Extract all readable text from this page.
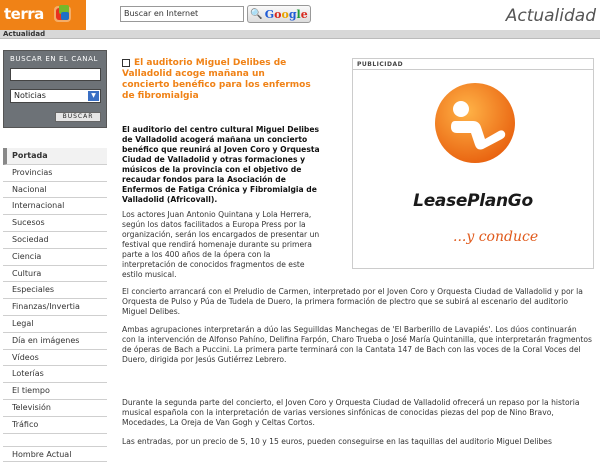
terra	Buscar en Internet	🔍 Google	Actualidad
Actualidad
BUSCAR EN EL CANAL
Noticias	▼
BUSCAR
Portada
Provincias
Nacional
Internacional
Sucesos
Sociedad
Ciencia
Cultura
Especiales
Finanzas/Invertia
Legal
Día en imágenes
Vídeos
Loterías
El tiempo
Televisión
Tráfico
Hombre Actual
El auditorio Miguel Delibes de Valladolid acoge mañana un concierto benéfico para los enfermos de fibromialgia
El auditorio del centro cultural Miguel Delibes de Valladolid acogerá mañana un concierto benéfico que reunirá al Joven Coro y Orquesta Ciudad de Valladolid y otras formaciones y músicos de la provincia con el objetivo de recaudar fondos para la Asociación de Enfermos de Fatiga Crónica y Fibromialgia de Valladolid (Africovall).
Los actores Juan Antonio Quintana y Lola Herrera, según los datos facilitados a Europa Press por la organización, serán los encargados de presentar un festival que rendirá homenaje durante su primera parte a los 400 años de la ópera con la interpretación de conocidos fragmentos de este estilo musical.
El concierto arrancará con el Preludio de Carmen, interpretado por el Joven Coro y Orquesta Ciudad de Valladolid y por la Orquesta de Pulso y Púa de Tudela de Duero, la primera formación de plectro que se subirá al escenario del auditorio Miguel Delibes.
Ambas agrupaciones interpretarán a dúo las Seguilldas Manchegas de 'El Barberillo de Lavapiés'. Los dúos continuarán con la intervención de Alfonso Pahíno, Delifina Farpón, Charo Trueba o José María Quintanilla, que interpretarán fragmentos de óperas de Bach a Puccini. La primera parte terminará con la Cantata 147 de Bach con las voces de la Coral Voces del Duero, dirigida por Jesús Gutiérrez Lebrero.
Durante la segunda parte del concierto, el Joven Coro y Orquesta Ciudad de Valladolid ofrecerá un repaso por la historia musical española con la interpretación de varias versiones sinfónicas de conocidas piezas del pop de Nino Bravo, Mocedades, La Oreja de Van Gogh y Celtas Cortos.
Las entradas, por un precio de 5, 10 y 15 euros, pueden conseguirse en las taquillas del auditorio Miguel Delibes
PUBLICIDAD
LeasePlanGo
...y conduce
